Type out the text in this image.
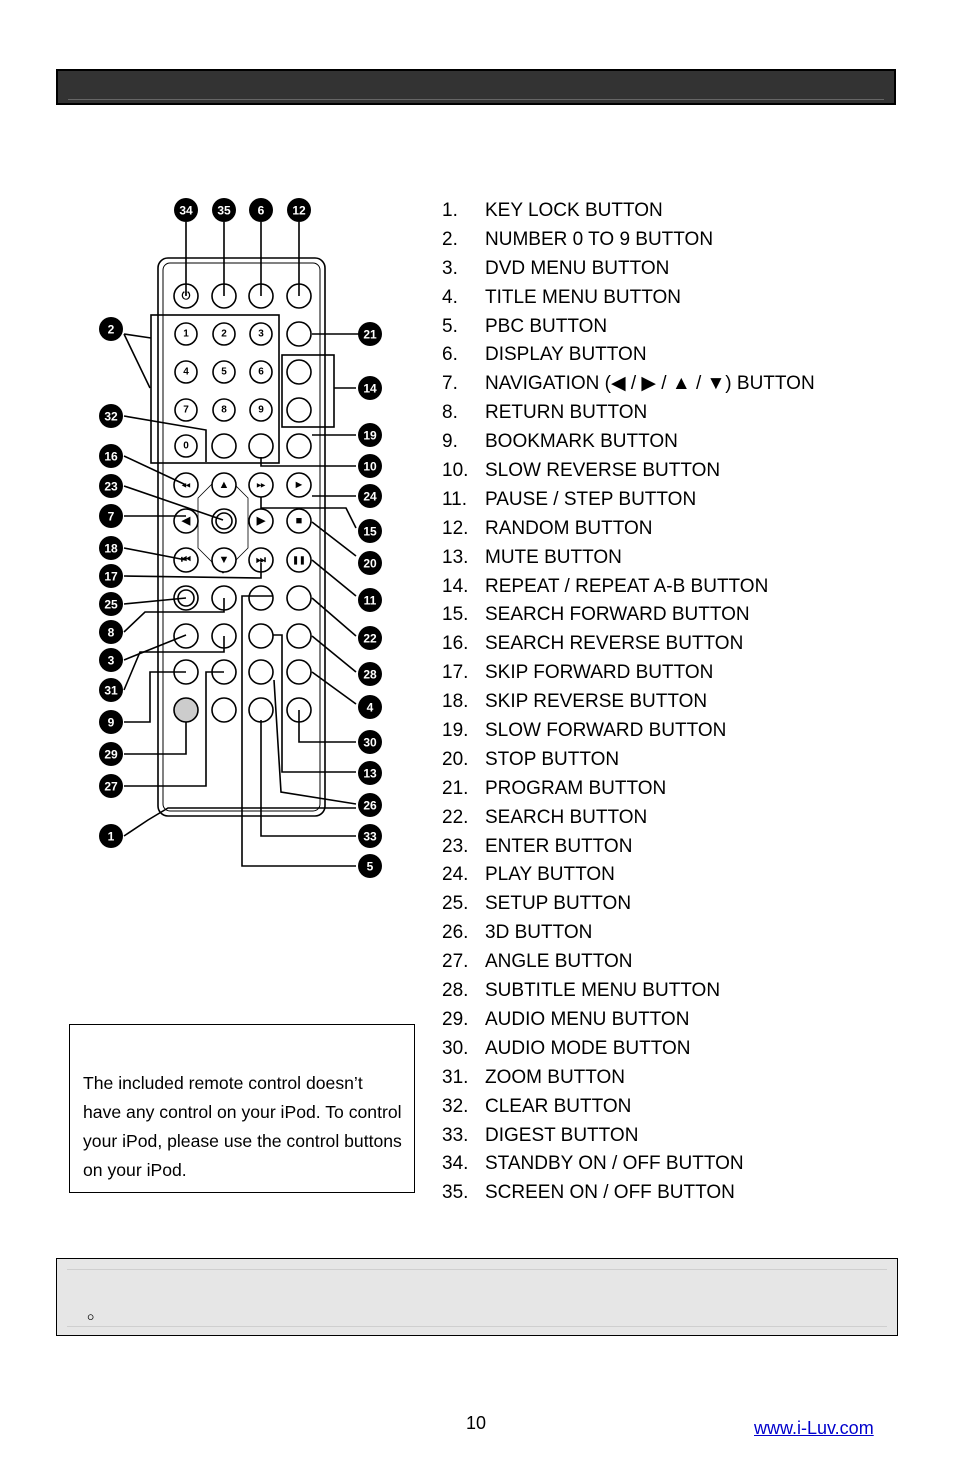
1	2	3
4	5	6
7	8	9
0
▲
▼
◀	▶
►
■
❚❚
◂◂	▸▸
⏮	⏭
⏻
34 35 6 12
2	21
14
32
19
16
10
23
24
7
15
18
20
17
11
25
22
8
28
3
4
31
30
9
13
29
26
27
1	33
5
1. KEY LOCK BUTTON
2. NUMBER 0 TO 9 BUTTON
3. DVD MENU BUTTON
4. TITLE MENU BUTTON
5. PBC BUTTON
6. DISPLAY BUTTON
7. NAVIGATION (◀ / ▶ / ▲ / ▼) BUTTON
8. RETURN BUTTON
9. BOOKMARK BUTTON
10. SLOW REVERSE BUTTON
11. PAUSE / STEP BUTTON
12. RANDOM BUTTON
13. MUTE BUTTON
14. REPEAT / REPEAT A-B BUTTON
15. SEARCH FORWARD BUTTON
16. SEARCH REVERSE BUTTON
17. SKIP FORWARD BUTTON
18. SKIP REVERSE BUTTON
19. SLOW FORWARD BUTTON
20. STOP BUTTON
21. PROGRAM BUTTON
22. SEARCH BUTTON
23. ENTER BUTTON
24. PLAY BUTTON
25. SETUP BUTTON
26. 3D BUTTON
27. ANGLE BUTTON
28. SUBTITLE MENU BUTTON
29. AUDIO MENU BUTTON
30. AUDIO MODE BUTTON
31. ZOOM BUTTON
32. CLEAR BUTTON
33. DIGEST BUTTON
34. STANDBY ON / OFF BUTTON
35. SCREEN ON / OFF BUTTON
The included remote control doesn’t have any control on your iPod. To control your iPod, please use the control buttons on your iPod.
。
10	www.i-Luv.com
